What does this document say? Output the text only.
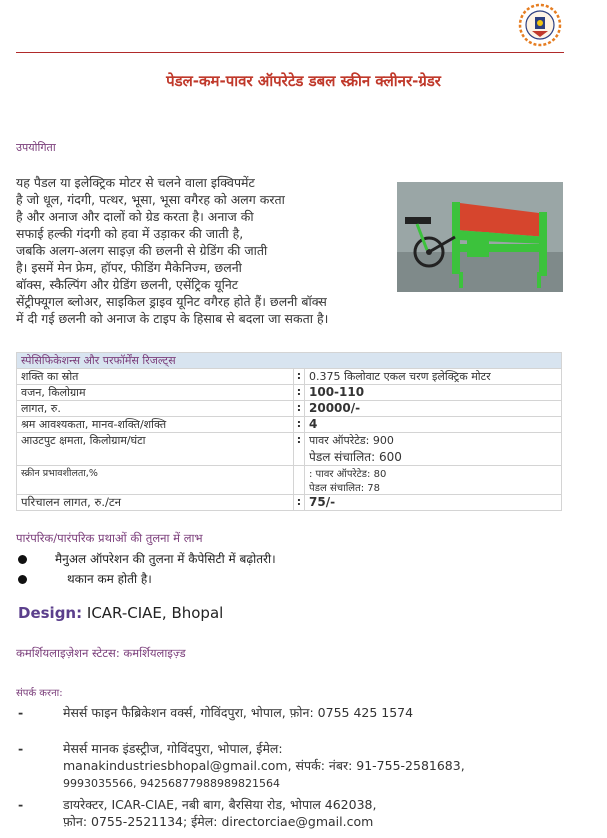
पेडल-कम-पावर ऑपरेटेड डबल स्क्रीन क्लीनर-ग्रेडर
उपयोगिता
यह पैडल या इलेक्ट्रिक मोटर से चलने वाला इक्विपमेंट
है जो धूल, गंदगी, पत्थर, भूसा, भूसा वगैरह को अलग करता
है और अनाज और दालों को ग्रेड करता है। अनाज की
सफाई हल्की गंदगी को हवा में उड़ाकर की जाती है,
जबकि अलग-अलग साइज़ की छलनी से ग्रेडिंग की जाती
है। इसमें मेन फ्रेम, हॉपर, फीडिंग मैकेनिज्म, छलनी
बॉक्स, स्कैल्पिंग और ग्रेडिंग छलनी, एसेंट्रिक यूनिट
सेंट्रीफ्यूगल ब्लोअर, साइकिल ड्राइव यूनिट वगैरह होते हैं। छलनी बॉक्स
में दी गई छलनी को अनाज के टाइप के हिसाब से बदला जा सकता है।
स्पेसिफिकेशन्स और परफॉर्मेंस रिजल्ट्स		
शक्ति का स्रोत	:	0.375 किलोवाट एकल चरण इलेक्ट्रिक मोटर
वजन, किलोग्राम	:	100-110
लागत, रु.	:	20000/-
श्रम आवश्यकता, मानव-शक्ति/शक्ति	:	4
आउटपुट क्षमता, किलोग्राम/घंटा	:	पावर ऑपरेटेड: 900
पेडल संचालित: 600

स्क्रीन प्रभावशीलता,%		: पावर ऑपरेटेड: 80
पेडल संचालित: 78

परिचालन लागत, रु./टन	:	75/-
पारंपरिक/पारंपरिक प्रथाओं की तुलना में लाभ
मैनुअल ऑपरेशन की तुलना में कैपेसिटी में बढ़ोतरी।
थकान कम होती है।
Design: ICAR-CIAE, Bhopal
कमर्शियलाइज़ेशन स्टेटस: कमर्शियलाइज़्ड
संपर्क करना:
-	मेसर्स फाइन फैब्रिकेशन वर्क्स, गोविंदपुरा, भोपाल, फ़ोन: 0755 425 1574
-	मेसर्स मानक इंडस्ट्रीज, गोविंदपुरा, भोपाल, ईमेल:
manakindustriesbhopal@gmail.com, संपर्क: नंबर: 91-755-2581683,
9993035566, 94256877988989821564
-	डायरेक्टर, ICAR-CIAE, नबी बाग, बैरसिया रोड, भोपाल 462038,
फ़ोन: 0755-2521134; ईमेल: directorciae@gmail.com
